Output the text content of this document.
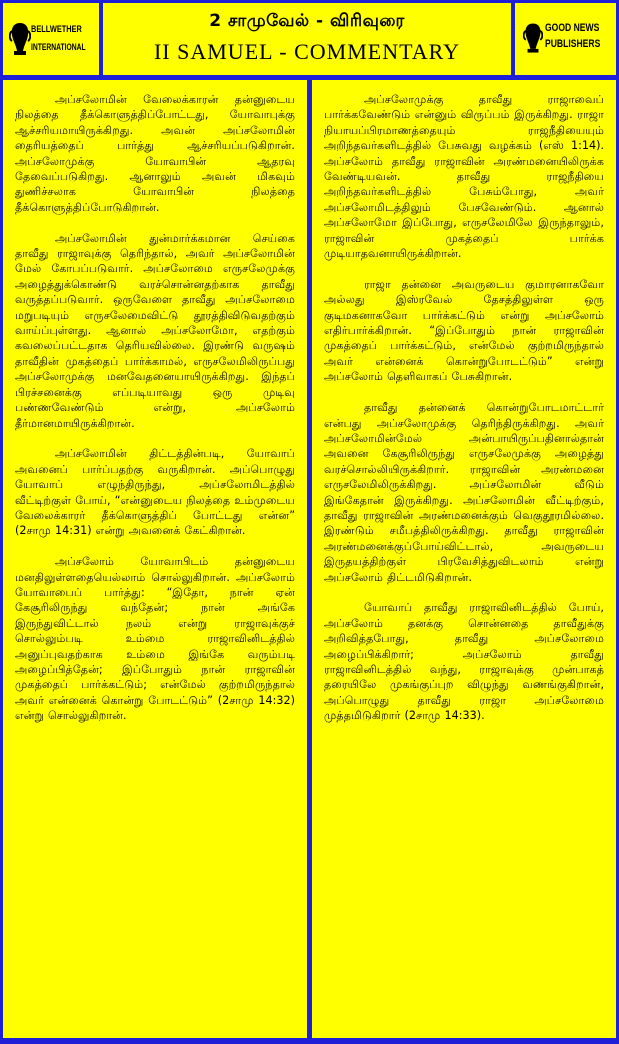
BELLWETHER
INTERNATIONAL
2 சாமுவேல் - விரிவுரை
II SAMUEL - COMMENTARY
GOOD NEWS
PUBLISHERS

அப்சலோமின் வேலைக்காரன் தன்னுடைய நிலத்தை தீக்கொளுத்திப்போட்டது, யோவாபுக்கு ஆச்சரியமாயிருக்கிறது. அவன் அப்சலோமின் தைரியத்தைப் பார்த்து ஆச்சரியப்படுகிறான். அப்சலோமுக்கு யோவாபின் ஆதரவு தேவைப்படுகிறது. ஆனாலும் அவன் மிகவும் துணிச்சலாக யோவாபின் நிலத்தை தீக்கொளுத்திப்போடுகிறான்.

அப்சலோமின் துன்மார்க்கமான செய்கை தாவீது ராஜாவுக்கு தெரிந்தால், அவர் அப்சலோமின் மேல் கோபப்படுவார். அப்சலோமை எருசலேமுக்கு அழைத்துக்கொண்டு வரச்சொன்னதற்காக தாவீது வருத்தப்படுவார். ஒருவேளை தாவீது அப்சலோமை மறுபடியும் எருசலேமைவிட்டு தூரத்திவிடுவதற்கும் வாய்ப்புள்ளது. ஆனால் அப்சலோமோ, எதற்கும் கவலைப்பட்டதாக தெரியவில்லை. இரண்டு வருஷம் தாவீதின் முகத்தைப் பார்க்காமல், எருசலேமிலிருப்பது அப்சலோமுக்கு மனவேதனையாயிருக்கிறது. இந்தப் பிரச்சனைக்கு எப்படியாவது ஒரு முடிவு பண்ணவேண்டும் என்று, அப்சலோம் தீர்மானமாயிருக்கிறான்.

அப்சலோமின் திட்டத்தின்படி, யோவாப் அவனைப் பார்ப்பதற்கு வருகிறான். அப்பொழுது யோவாப் எழுந்திருந்து, அப்சலோமிடத்தில் வீட்டிற்குள் போய், “என்னுடைய நிலத்தை உம்முடைய வேலைக்காரர் தீக்கொளுத்திப் போட்டது என்ன” (2சாமு 14:31) என்று அவனைக் கேட்கிறான்.

அப்சலோம் யோவாபிடம் தன்னுடைய மனதிலுள்ளதையெல்லாம் சொல்லுகிறான். அப்சலோம் யோவாபைப் பார்த்து: “இதோ, நான் ஏன் கேசூரிலிருந்து வந்தேன்; நான் அங்கே இருந்துவிட்டால் நலம் என்று ராஜாவுக்குச் சொல்லும்படி உம்மை ராஜாவினிடத்தில் அனுப்புவதற்காக உம்மை இங்கே வரும்படி அழைப்பித்தேன்; இப்போதும் நான் ராஜாவின் முகத்தைப் பார்க்கட்டும்; என்மேல் குற்றமிருந்தால் அவர் என்னைக் கொன்று போடட்டும்” (2சாமு 14:32) என்று சொல்லுகிறான்.

அப்சலோமுக்கு தாவீது ராஜாவைப் பார்க்கவேண்டும் என்னும் விருப்பம் இருக்கிறது. ராஜா நியாயப்பிரமாணத்தையும் ராஜநீதியையும் அறிந்தவர்களிடத்தில் பேசுவது வழக்கம் (எஸ் 1:14). அப்சலோம் தாவீது ராஜாவின் அரண்மனையிலிருக்க வேண்டியவன். தாவீது ராஜநீதியை அறிந்தவர்களிடத்தில் பேசும்போது, அவர் அப்சலோமிடத்திலும் பேசவேண்டும். ஆனால் அப்சலோமோ இப்போது, எருசலேமிலே இருந்தாலும், ராஜாவின் முகத்தைப் பார்க்க முடியாதவனாயிருக்கிறான்.

ராஜா தன்னை அவருடைய குமாரனாகவோ அல்லது இஸ்ரவேல் தேசத்திலுள்ள ஒரு குடிமகனாகவோ பார்க்கட்டும் என்று அப்சலோம் எதிர்பார்க்கிறான். “இப்போதும் நான் ராஜாவின் முகத்தைப் பார்க்கட்டும், என்மேல் குற்றமிருந்தால் அவர் என்னைக் கொன்றுபோடட்டும்” என்று அப்சலோம் தெளிவாகப் பேசுகிறான்.

தாவீது தன்னைக் கொன்றுபோடமாட்டார் என்பது அப்சலோமுக்கு தெரிந்திருக்கிறது. அவர் அப்சலோமின்மேல் அன்பாயிருப்பதினால்தான் அவனை கேசூரிலிருந்து எருசலேமுக்கு அழைத்து வரச்சொல்லியிருக்கிறார். ராஜாவின் அரண்மனை எருசலேமிலிருக்கிறது. அப்சலோமின் வீடும் இங்கேதான் இருக்கிறது. அப்சலோமின் வீட்டிற்கும், தாவீது ராஜாவின் அரண்மனைக்கும் வெகுதூரமில்லை. இரண்டும் சமீபத்திலிருக்கிறது. தாவீது ராஜாவின் அரண்மனைக்குப்போய்விட்டால், அவருடைய இருதயத்திற்குள் பிரவேசித்துவிடலாம் என்று அப்சலோம் திட்டமிடுகிறான்.

யோவாப் தாவீது ராஜாவினிடத்தில் போய், அப்சலோம் தனக்கு சொன்னதை தாவீதுக்கு அறிவித்தபோது, தாவீது அப்சலோமை அழைப்பிக்கிறார்; அப்சலோம் தாவீது ராஜாவினிடத்தில் வந்து, ராஜாவுக்கு முன்பாகத் தரையிலே முகங்குப்புற விழுந்து வணங்குகிறான், அப்பொழுது தாவீது ராஜா அப்சலோமை முத்தமிடுகிறார் (2சாமு 14:33).
